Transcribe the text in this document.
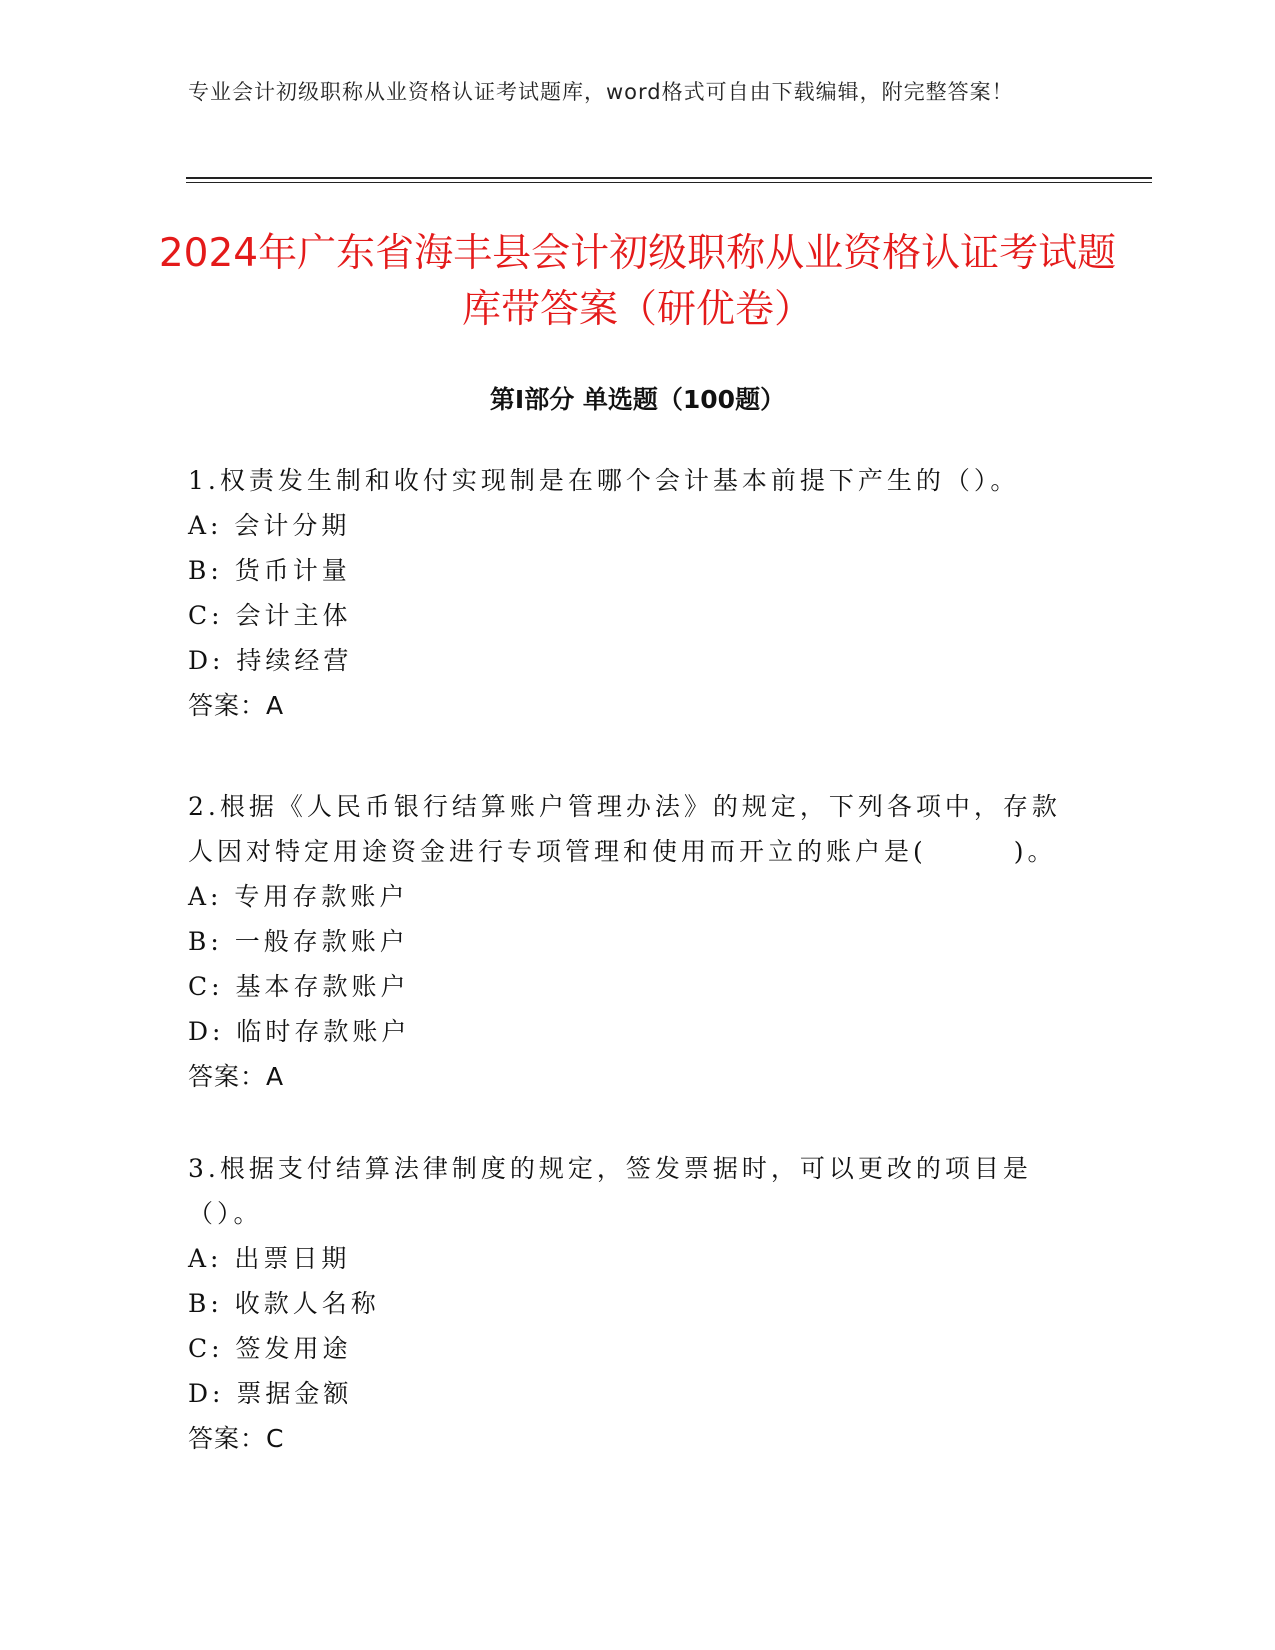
专业会计初级职称从业资格认证考试题库，word格式可自由下载编辑，附完整答案！
2024年广东省海丰县会计初级职称从业资格认证考试题库带答案（研优卷）
第Ⅰ部分 单选题（100题）

1.权责发生制和收付实现制是在哪个会计基本前提下产生的（）。

A: 会计分期

B: 货币计量

C: 会计主体

D: 持续经营

答案：A

2.根据《人民币银行结算账户管理办法》的规定，下列各项中，存款人因对特定用途资金进行专项管理和使用而开立的账户是(　　　)。

A: 专用存款账户

B: 一般存款账户

C: 基本存款账户

D: 临时存款账户

答案：A

3.根据支付结算法律制度的规定，签发票据时，可以更改的项目是（）。

A: 出票日期

B: 收款人名称

C: 签发用途

D: 票据金额

答案：C
